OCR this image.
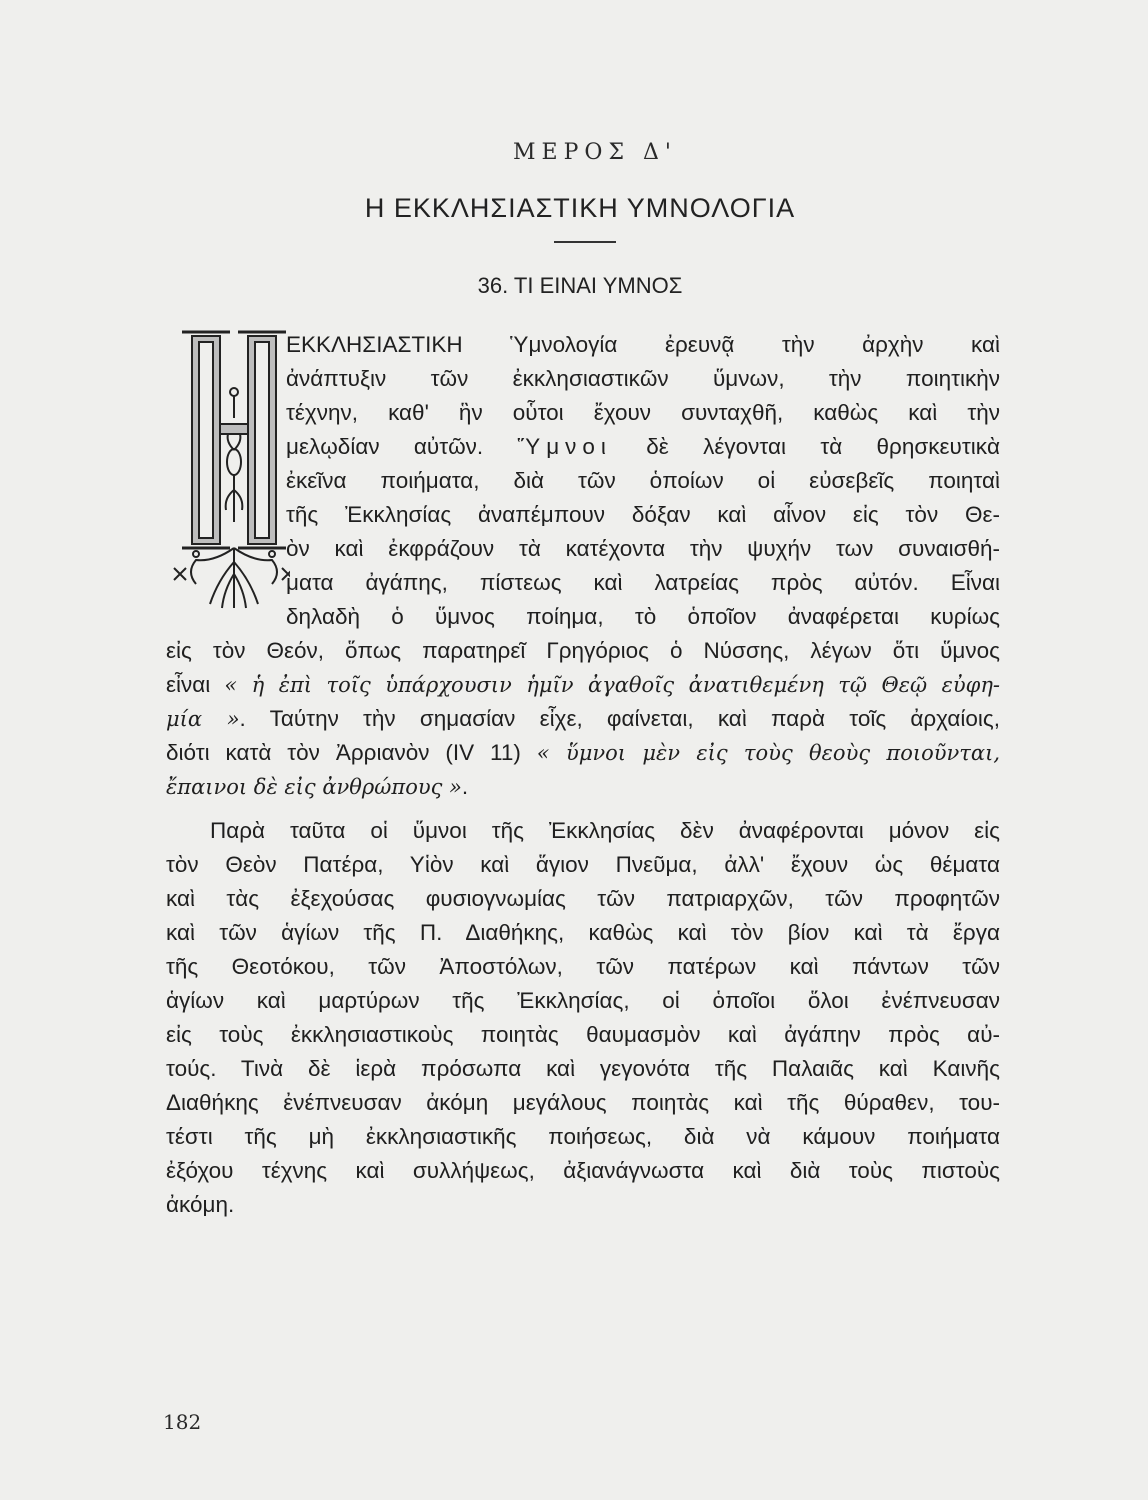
ΜΕΡΟΣ Δ'
Η ΕΚΚΛΗΣΙΑΣΤΙΚΗ ΥΜΝΟΛΟΓΙΑ
36. ΤΙ ΕΙΝΑΙ ΥΜΝΟΣ
ΕΚΚΛΗΣΙΑΣΤΙΚΗ Ὑμνολογία ἐρευνᾷ τὴν ἀρχὴν καὶ
ἀνάπτυξιν τῶν ἐκκλησιαστικῶν ὕμνων, τὴν ποιητικὴν
τέχνην, καθ' ἣν οὗτοι ἔχουν συνταχθῆ, καθὼς καὶ τὴν
μελῳδίαν αὐτῶν. Ὕμνοι δὲ λέγονται τὰ θρησκευτικὰ
ἐκεῖνα ποιήματα, διὰ τῶν ὁποίων οἱ εὐσεβεῖς ποιηταὶ
τῆς Ἐκκλησίας ἀναπέμπουν δόξαν καὶ αἶνον εἰς τὸν Θε-
ὸν καὶ ἐκφράζουν τὰ κατέχοντα τὴν ψυχήν των συναισθή-
ματα ἀγάπης, πίστεως καὶ λατρείας πρὸς αὐτόν. Εἶναι
δηλαδὴ ὁ ὕμνος ποίημα, τὸ ὁποῖον ἀναφέρεται κυρίως
εἰς τὸν Θεόν, ὅπως παρατηρεῖ Γρηγόριος ὁ Νύσσης, λέγων ὅτι ὕμνος
εἶναι « ἡ ἐπὶ τοῖς ὑπάρχουσιν ἡμῖν ἀγαθοῖς ἀνατιθεμένη τῷ Θεῷ εὐφη-
μία ». Ταύτην τὴν σημασίαν εἶχε, φαίνεται, καὶ παρὰ τοῖς ἀρχαίοις,
διότι κατὰ τὸν Ἀρριανὸν (IV 11) « ὕμνοι μὲν εἰς τοὺς θεοὺς ποιοῦνται,
ἔπαινοι δὲ εἰς ἀνθρώπους ».
Παρὰ ταῦτα οἱ ὕμνοι τῆς Ἐκκλησίας δὲν ἀναφέρονται μόνον εἰς
τὸν Θεὸν Πατέρα, Υἱὸν καὶ ἅγιον Πνεῦμα, ἀλλ' ἔχουν ὡς θέματα
καὶ τὰς ἐξεχούσας φυσιογνωμίας τῶν πατριαρχῶν, τῶν προφητῶν
καὶ τῶν ἁγίων τῆς Π. Διαθήκης, καθὼς καὶ τὸν βίον καὶ τὰ ἔργα
τῆς Θεοτόκου, τῶν Ἀποστόλων, τῶν πατέρων καὶ πάντων τῶν
ἁγίων καὶ μαρτύρων τῆς Ἐκκλησίας, οἱ ὁποῖοι ὅλοι ἐνέπνευσαν
εἰς τοὺς ἐκκλησιαστικοὺς ποιητὰς θαυμασμὸν καὶ ἀγάπην πρὸς αὐ-
τούς. Τινὰ δὲ ἱερὰ πρόσωπα καὶ γεγονότα τῆς Παλαιᾶς καὶ Καινῆς
Διαθήκης ἐνέπνευσαν ἀκόμη μεγάλους ποιητὰς καὶ τῆς θύραθεν, του-
τέστι τῆς μὴ ἐκκλησιαστικῆς ποιήσεως, διὰ νὰ κάμουν ποιήματα
ἐξόχου τέχνης καὶ συλλήψεως, ἀξιανάγνωστα καὶ διὰ τοὺς πιστοὺς
ἀκόμη.
182
